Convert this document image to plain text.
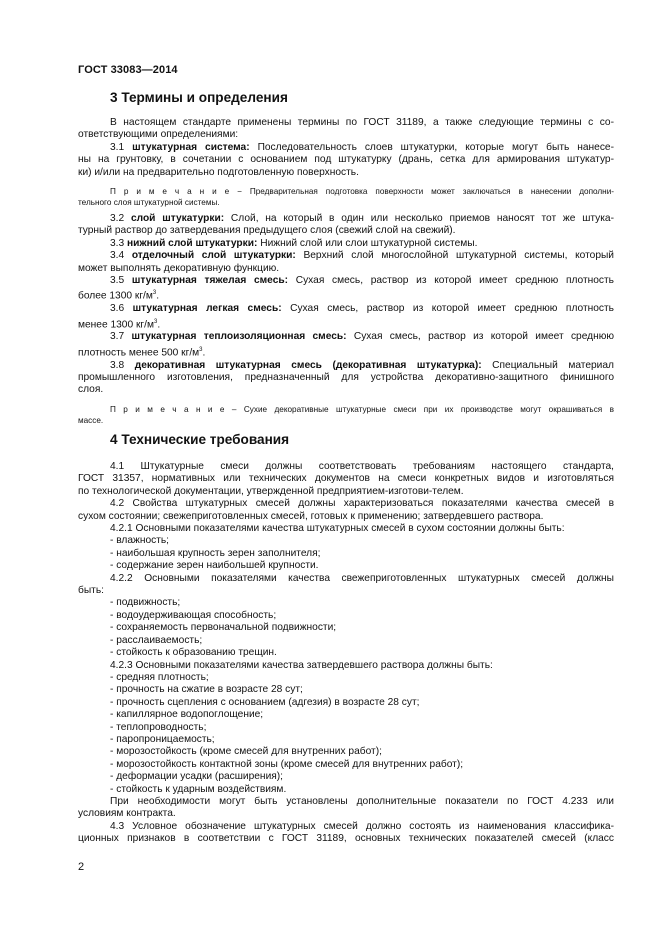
ГОСТ 33083—2014
3 Термины и определения

В настоящем стандарте применены термины по ГОСТ 31189, а также следующие термины с со-

ответствующими определениями:

3.1 штукатурная система: Последовательность слоев штукатурки, которые могут быть нанесе-

ны на грунтовку, в сочетании с основанием под штукатурку (дрань, сетка для армирования штукатур-

ки) и/или на предварительно подготовленную поверхность.

П р и м е ч а н и е − Предварительная подготовка поверхности может заключаться в нанесении дополни-

тельного слоя штукатурной системы.

3.2 слой штукатурки: Слой, на который в один или несколько приемов наносят тот же штука-

турный раствор до затвердевания предыдущего слоя (свежий слой на свежий).

3.3 нижний слой штукатурки: Нижний слой или слои штукатурной системы.

3.4 отделочный слой штукатурки: Верхний слой многослойной штукатурной системы, который

может выполнять декоративную функцию.

3.5 штукатурная тяжелая смесь: Сухая смесь, раствор из которой имеет среднюю плотность

более 1300 $кг/м^3$.

3.6 штукатурная легкая смесь: Сухая смесь, раствор из которой имеет среднюю плотность

менее 1300 $кг/м^3$.

3.7 штукатурная теплоизоляционная смесь: Сухая смесь, раствор из которой имеет среднюю

плотность менее 500 $кг/м^3$.

3.8 декоративная штукатурная смесь (декоративная штукатурка): Специальный материал

промышленного изготовления, предназначенный для устройства декоративно-защитного финишного

слоя.

П р и м е ч а н и е – Сухие декоративные штукатурные смеси при их производстве могут окрашиваться в

массе.

4 Технические требования

4.1 Штукатурные смеси должны соответствовать требованиям настоящего стандарта,

ГОСТ 31357, нормативных или технических документов на смеси конкретных видов и изготовляться

по технологической документации, утвержденной предприятием-изготови-телем.

4.2 Свойства штукатурных смесей должны характеризоваться показателями качества смесей в

сухом состоянии; свежеприготовленных смесей, готовых к применению; затвердевшего раствора.

4.2.1 Основными показателями качества штукатурных смесей в сухом состоянии должны быть:

- влажность;

- наибольшая крупность зерен заполнителя;

- содержание зерен наибольшей крупности.

4.2.2 Основными показателями качества свежеприготовленных штукатурных смесей должны

быть:

- подвижность;

- водоудерживающая способность;

- сохраняемость первоначальной подвижности;

- расслаиваемость;

- стойкость к образованию трещин.

4.2.3 Основными показателями качества затвердевшего раствора должны быть:

- средняя плотность;

- прочность на сжатие в возрасте 28 сут;

- прочность сцепления с основанием (адгезия) в возрасте 28 сут;

- капиллярное водопоглощение;

- теплопроводность;

- паропроницаемость;

- морозостойкость (кроме смесей для внутренних работ);

- морозостойкость контактной зоны (кроме смесей для внутренних работ);

- деформации усадки (расширения);

- стойкость к ударным воздействиям.

При необходимости могут быть установлены дополнительные показатели по ГОСТ 4.233 или

условиям контракта.

4.3 Условное обозначение штукатурных смесей должно состоять из наименования классифика-

ционных признаков в соответствии с ГОСТ 31189, основных технических показателей смесей (класс

2
